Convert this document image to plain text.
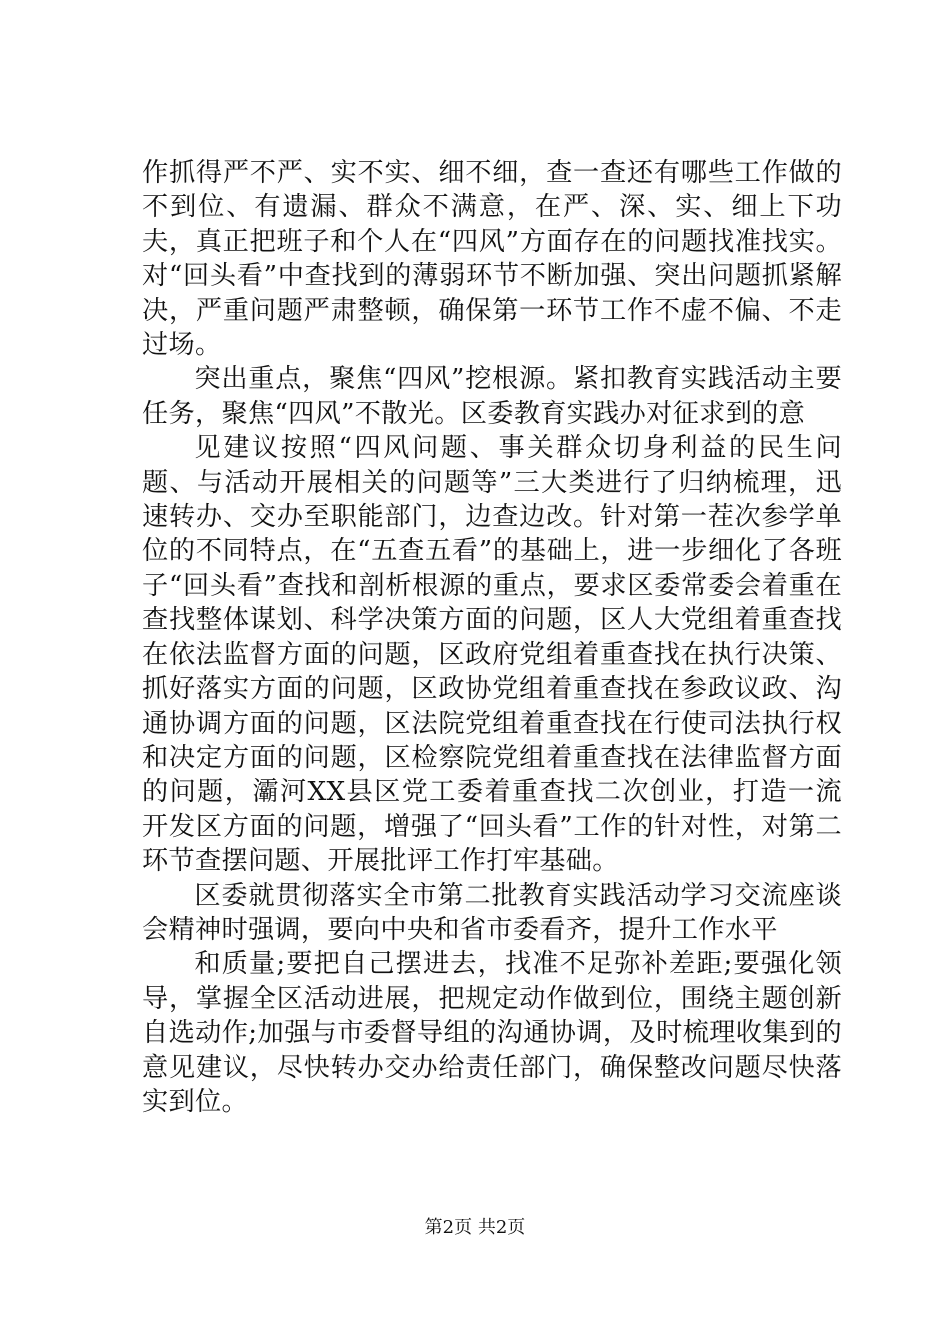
作抓得严不严、实不实、细不细，查一查还有哪些工作做的不到位、有遗漏、群众不满意，在严、深、实、细上下功夫，真正把班子和个人在“四风”方面存在的问题找准找实。对“回头看”中查找到的薄弱环节不断加强、突出问题抓紧解决，严重问题严肃整顿，确保第一环节工作不虚不偏、不走过场。

突出重点，聚焦“四风”挖根源。紧扣教育实践活动主要任务，聚焦“四风”不散光。区委教育实践办对征求到的意

见建议按照“四风问题、事关群众切身利益的民生问题、与活动开展相关的问题等”三大类进行了归纳梳理，迅速转办、交办至职能部门，边查边改。针对第一茬次参学单位的不同特点，在“五查五看”的基础上，进一步细化了各班子“回头看”查找和剖析根源的重点，要求区委常委会着重在查找整体谋划、科学决策方面的问题，区人大党组着重查找在依法监督方面的问题，区政府党组着重查找在执行决策、抓好落实方面的问题，区政协党组着重查找在参政议政、沟通协调方面的问题，区法院党组着重查找在行使司法执行权和决定方面的问题，区检察院党组着重查找在法律监督方面的问题，灞河XX县区党工委着重查找二次创业，打造一流开发区方面的问题，增强了“回头看”工作的针对性，对第二环节查摆问题、开展批评工作打牢基础。

区委就贯彻落实全市第二批教育实践活动学习交流座谈会精神时强调，要向中央和省市委看齐，提升工作水平

和质量;要把自己摆进去，找准不足弥补差距;要强化领导，掌握全区活动进展，把规定动作做到位，围绕主题创新自选动作;加强与市委督导组的沟通协调，及时梳理收集到的意见建议，尽快转办交办给责任部门，确保整改问题尽快落实到位。

第2页 共2页
